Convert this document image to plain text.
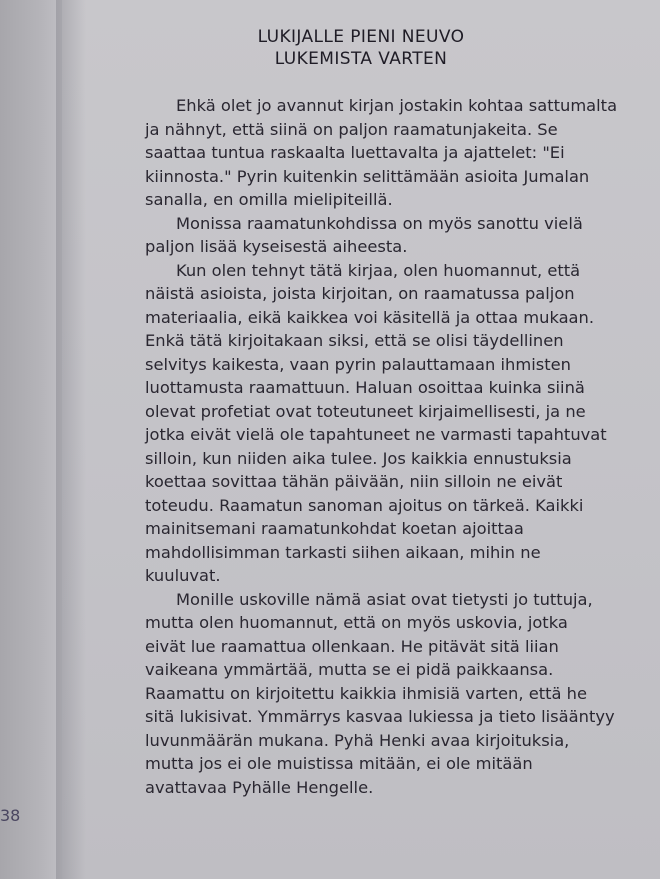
38
LUKIJALLE PIENI NEUVO
LUKEMISTA VARTEN

Ehkä olet jo avannut kirjan jostakin kohtaa sattumalta
ja nähnyt, että siinä on paljon raamatunjakeita. Se
saattaa tuntua raskaalta luettavalta ja ajattelet: "Ei
kiinnosta." Pyrin kuitenkin selittämään asioita Jumalan
sanalla, en omilla mielipiteillä.

Monissa raamatunkohdissa on myös sanottu vielä
paljon lisää kyseisestä aiheesta.

Kun olen tehnyt tätä kirjaa, olen huomannut, että
näistä asioista, joista kirjoitan, on raamatussa paljon
materiaalia, eikä kaikkea voi käsitellä ja ottaa mukaan.
Enkä tätä kirjoitakaan siksi, että se olisi täydellinen
selvitys kaikesta, vaan pyrin palauttamaan ihmisten
luottamusta raamattuun. Haluan osoittaa kuinka siinä
olevat profetiat ovat toteutuneet kirjaimellisesti, ja ne
jotka eivät vielä ole tapahtuneet ne varmasti tapahtuvat
silloin, kun niiden aika tulee. Jos kaikkia ennustuksia
koettaa sovittaa tähän päivään, niin silloin ne eivät
toteudu. Raamatun sanoman ajoitus on tärkeä. Kaikki
mainitsemani raamatunkohdat koetan ajoittaa
mahdollisimman tarkasti siihen aikaan, mihin ne
kuuluvat.

Monille uskoville nämä asiat ovat tietysti jo tuttuja,
mutta olen huomannut, että on myös uskovia, jotka
eivät lue raamattua ollenkaan. He pitävät sitä liian
vaikeana ymmärtää, mutta se ei pidä paikkaansa.
Raamattu on kirjoitettu kaikkia ihmisiä varten, että he
sitä lukisivat. Ymmärrys kasvaa lukiessa ja tieto lisääntyy
luvunmäärän mukana. Pyhä Henki avaa kirjoituksia,
mutta jos ei ole muistissa mitään, ei ole mitään
avattavaa Pyhälle Hengelle.
